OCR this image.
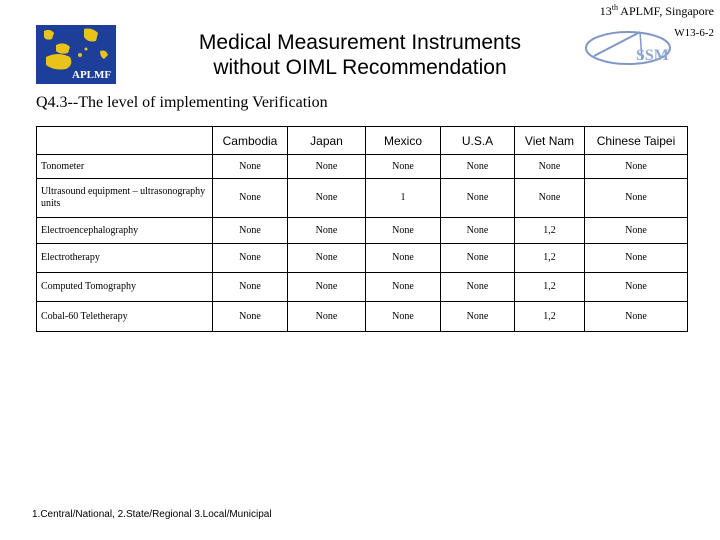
13th APLMF, Singapore
W13-6-2
APLMF
SSM
Medical Measurement Instruments
without OIML Recommendation
Q4.3--The level of implementing Verification
	Cambodia	Japan	Mexico	U.S.A	Viet Nam	Chinese Taipei
Tonometer	None	None	None	None	None	None
Ultrasound equipment – ultrasonography units	None	None	1	None	None	None
Electroencephalography	None	None	None	None	1,2	None
Electrotherapy	None	None	None	None	1,2	None
Computed Tomography	None	None	None	None	1,2	None
Cobal-60 Teletherapy	None	None	None	None	1,2	None
1.Central/National, 2.State/Regional 3.Local/Municipal
